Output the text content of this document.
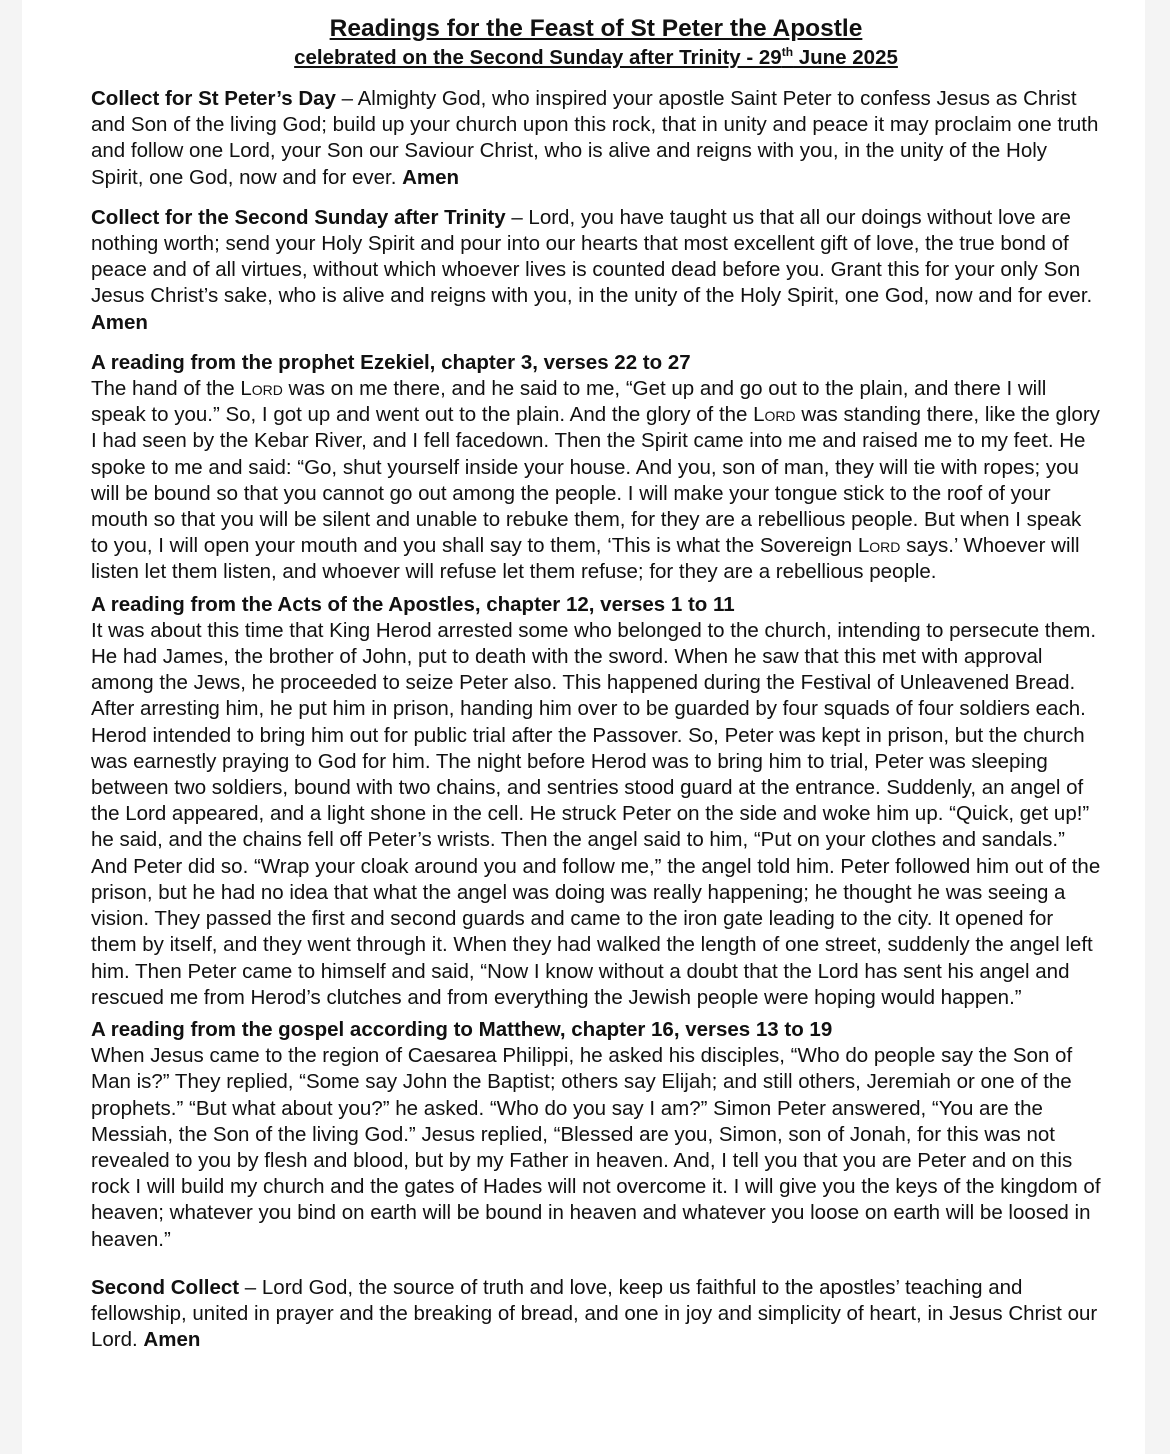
Readings for the Feast of St Peter the Apostle

celebrated on the Second Sunday after Trinity - 29th June 2025

Collect for St Peter’s Day – Almighty God, who inspired your apostle Saint Peter to confess Jesus as Christ and Son of the living God; build up your church upon this rock, that in unity and peace it may proclaim one truth and follow one Lord, your Son our Saviour Christ, who is alive and reigns with you, in the unity of the Holy Spirit, one God, now and for ever. Amen

Collect for the Second Sunday after Trinity – Lord, you have taught us that all our doings without love are nothing worth; send your Holy Spirit and pour into our hearts that most excellent gift of love, the true bond of peace and of all virtues, without which whoever lives is counted dead before you. Grant this for your only Son Jesus Christ’s sake, who is alive and reigns with you, in the unity of the Holy Spirit, one God, now and for ever. Amen

A reading from the prophet Ezekiel, chapter 3, verses 22 to 27
The hand of the Lord was on me there, and he said to me, “Get up and go out to the plain, and there I will speak to you.” So, I got up and went out to the plain. And the glory of the Lord was standing there, like the glory I had seen by the Kebar River, and I fell facedown. Then the Spirit came into me and raised me to my feet. He spoke to me and said: “Go, shut yourself inside your house. And you, son of man, they will tie with ropes; you will be bound so that you cannot go out among the people. I will make your tongue stick to the roof of your mouth so that you will be silent and unable to rebuke them, for they are a rebellious people. But when I speak to you, I will open your mouth and you shall say to them, ‘This is what the Sovereign Lord says.’ Whoever will listen let them listen, and whoever will refuse let them refuse; for they are a rebellious people.

A reading from the Acts of the Apostles, chapter 12, verses 1 to 11
It was about this time that King Herod arrested some who belonged to the church, intending to persecute them. He had James, the brother of John, put to death with the sword. When he saw that this met with approval among the Jews, he proceeded to seize Peter also. This happened during the Festival of Unleavened Bread. After arresting him, he put him in prison, handing him over to be guarded by four squads of four soldiers each. Herod intended to bring him out for public trial after the Passover. So, Peter was kept in prison, but the church was earnestly praying to God for him. The night before Herod was to bring him to trial, Peter was sleeping between two soldiers, bound with two chains, and sentries stood guard at the entrance. Suddenly, an angel of the Lord appeared, and a light shone in the cell. He struck Peter on the side and woke him up. “Quick, get up!” he said, and the chains fell off Peter’s wrists. Then the angel said to him, “Put on your clothes and sandals.” And Peter did so. “Wrap your cloak around you and follow me,” the angel told him. Peter followed him out of the prison, but he had no idea that what the angel was doing was really happening; he thought he was seeing a vision. They passed the first and second guards and came to the iron gate leading to the city. It opened for them by itself, and they went through it. When they had walked the length of one street, suddenly the angel left him. Then Peter came to himself and said, “Now I know without a doubt that the Lord has sent his angel and rescued me from Herod’s clutches and from everything the Jewish people were hoping would happen.”

A reading from the gospel according to Matthew, chapter 16, verses 13 to 19
When Jesus came to the region of Caesarea Philippi, he asked his disciples, “Who do people say the Son of Man is?” They replied, “Some say John the Baptist; others say Elijah; and still others, Jeremiah or one of the prophets.” “But what about you?” he asked. “Who do you say I am?” Simon Peter answered, “You are the Messiah, the Son of the living God.” Jesus replied, “Blessed are you, Simon, son of Jonah, for this was not revealed to you by flesh and blood, but by my Father in heaven. And, I tell you that you are Peter and on this rock I will build my church and the gates of Hades will not overcome it. I will give you the keys of the kingdom of heaven; whatever you bind on earth will be bound in heaven and whatever you loose on earth will be loosed in heaven.”

Second Collect – Lord God, the source of truth and love, keep us faithful to the apostles’ teaching and fellowship, united in prayer and the breaking of bread, and one in joy and simplicity of heart, in Jesus Christ our Lord. Amen
